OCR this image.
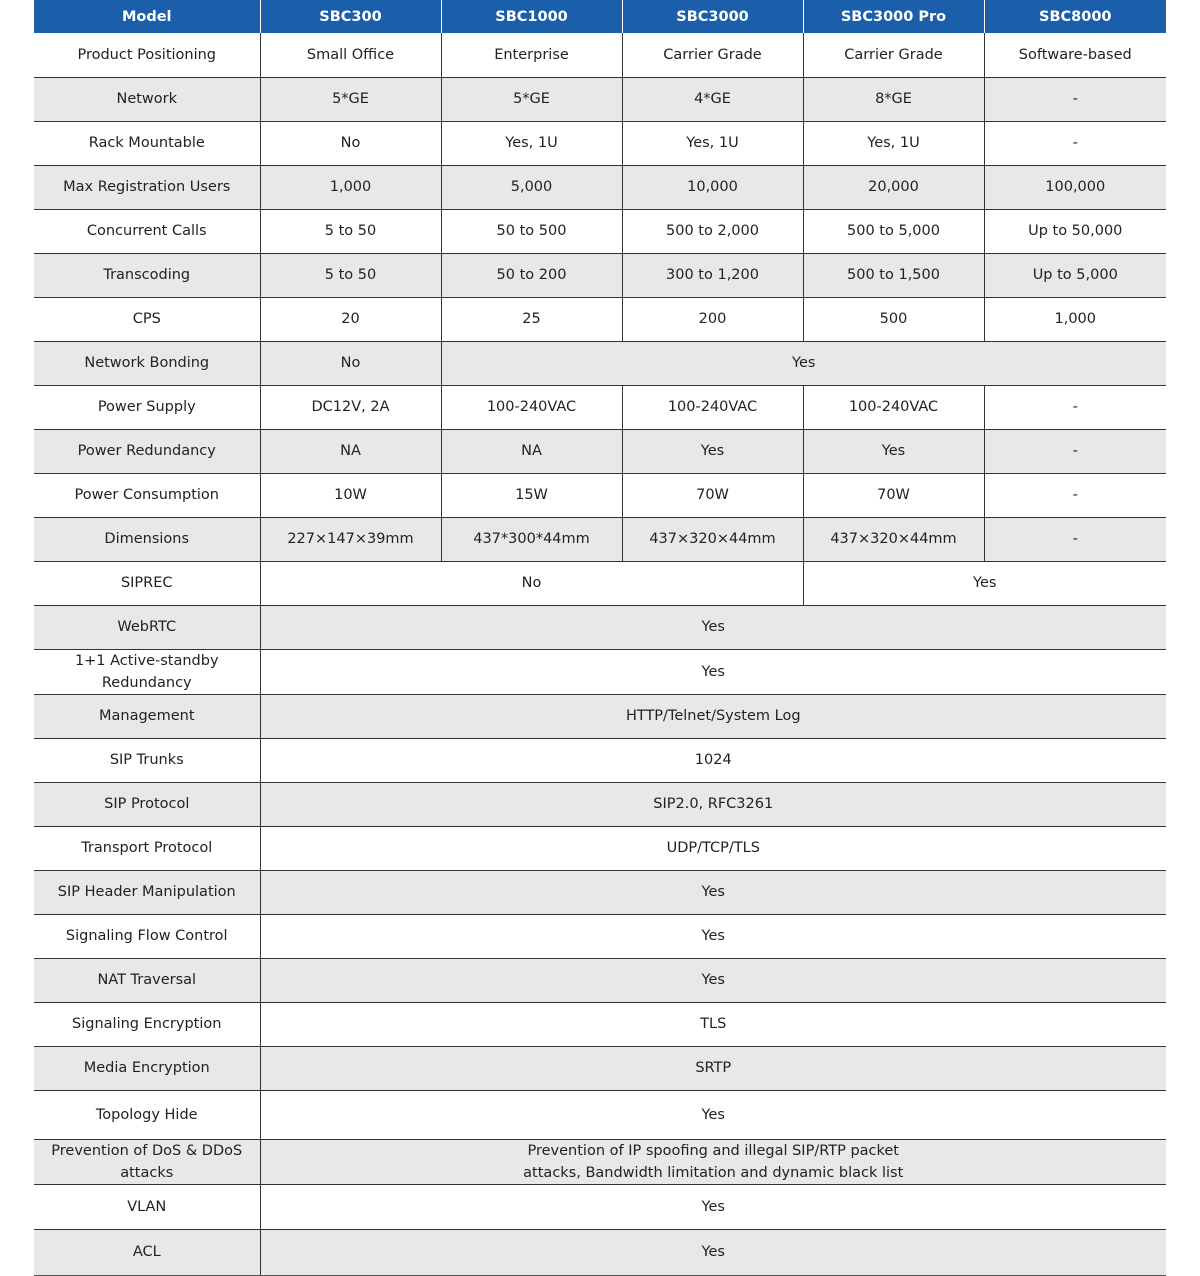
Model	SBC300	SBC1000	SBC3000	SBC3000 Pro	SBC8000
Product Positioning	Small Office	Enterprise	Carrier Grade	Carrier Grade	Software-based
Network	5*GE	5*GE	4*GE	8*GE	-
Rack Mountable	No	Yes, 1U	Yes, 1U	Yes, 1U	-
Max Registration Users	1,000	5,000	10,000	20,000	100,000
Concurrent Calls	5 to 50	50 to 500	500 to 2,000	500 to 5,000	Up to 50,000
Transcoding	5 to 50	50 to 200	300 to 1,200	500 to 1,500	Up to 5,000
CPS	20	25	200	500	1,000
Network Bonding	No	Yes			
Power Supply	DC12V, 2A	100-240VAC	100-240VAC	100-240VAC	-
Power Redundancy	NA	NA	Yes	Yes	-
Power Consumption	10W	15W	70W	70W	-
Dimensions	227×147×39mm	437*300*44mm	437×320×44mm	437×320×44mm	-
SIPREC	No			Yes	
WebRTC	Yes				
1+1 Active-standby Redundancy	Yes				
Management	HTTP/Telnet/System Log				
SIP Trunks	1024				
SIP Protocol	SIP2.0, RFC3261				
Transport Protocol	UDP/TCP/TLS				
SIP Header Manipulation	Yes				
Signaling Flow Control	Yes				
NAT Traversal	Yes				
Signaling Encryption	TLS				
Media Encryption	SRTP				
Topology Hide	Yes				
Prevention of DoS & DDoS attacks	Prevention of IP spoofing and illegal SIP/RTP packet attacks, Bandwidth limitation and dynamic black list				
VLAN	Yes				
ACL	Yes				
